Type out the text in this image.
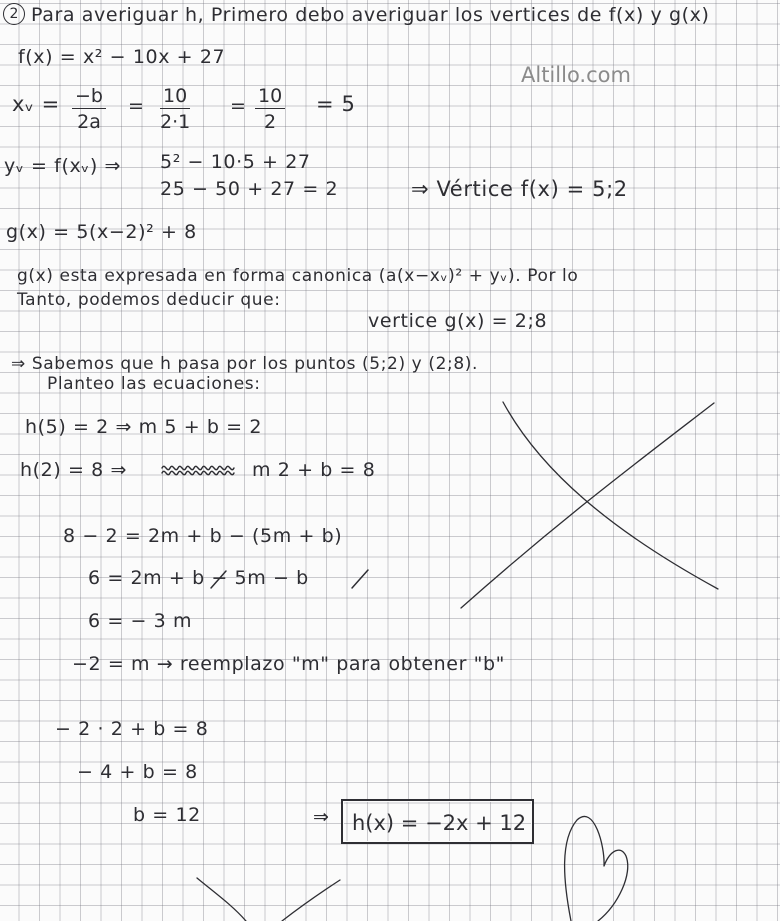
Altillo.com
2 Para averiguar h, Primero debo averiguar los vertices de f(x) y g(x)
f(x) = x² − 10x + 27
xᵥ = $\frac{-b}{2a} = \frac{10}{2\cdot 1} = \frac{10}{2} = 5$
yᵥ = f(xᵥ) ⇒ 5² − 10·5 + 27
25 − 50 + 27 = 2	⇒ Vértice f(x) = 5;2
g(x) = 5(x−2)² + 8
g(x) esta expresada en forma canonica (a(x−xᵥ)² + yᵥ). Por lo
Tanto, podemos deducir que:
vertice g(x) = 2;8
⇒ Sabemos que h pasa por los puntos (5;2) y (2;8).
Planteo las ecuaciones:
h(5) = 2 ⇒ m 5 + b = 2
h(2) = 8 ⇒	m 2 + b = 8
8 − 2 = 2m + b − (5m + b)
6 = 2m + b − 5m − b
6 = − 3 m
−2 = m → reemplazo "m" para obtener "b"
− 2 · 2 + b = 8
− 4 + b = 8
b = 12	⇒	h(x) = −2x + 12
